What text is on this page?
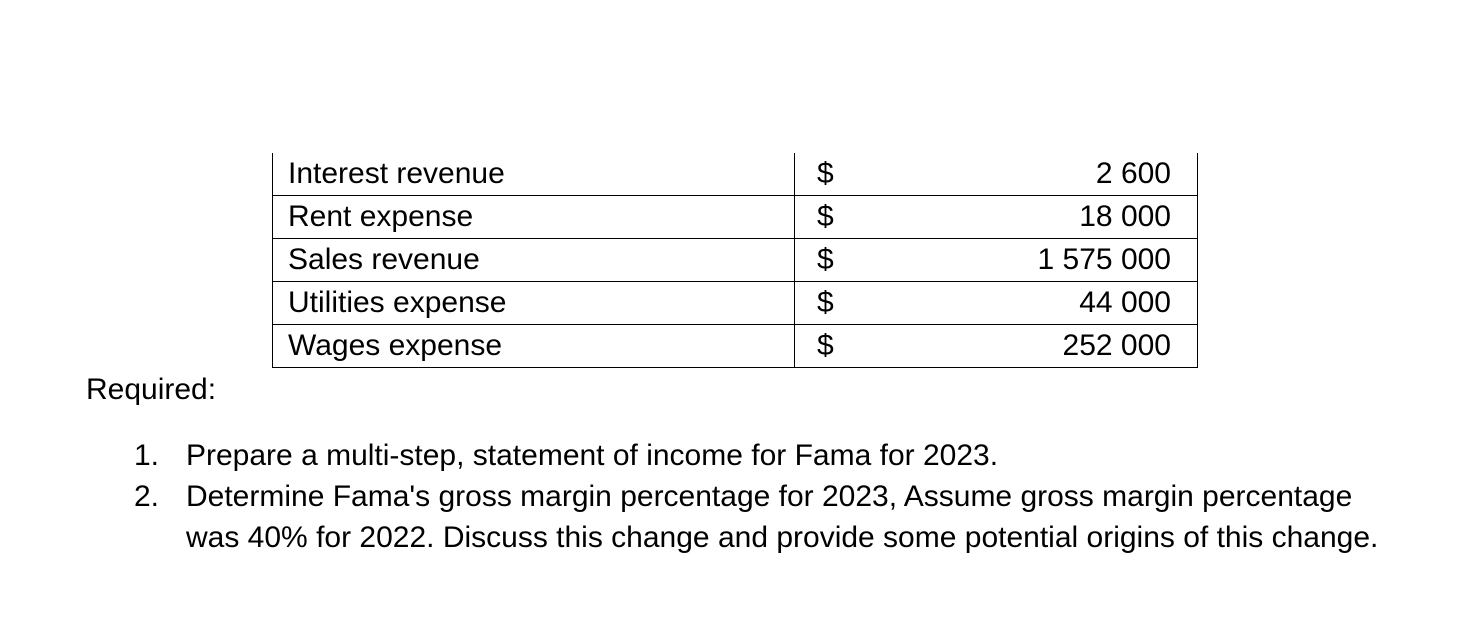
Interest revenue	$	2 600
Rent expense	$	18 000
Sales revenue	$	1 575 000
Utilities expense	$	44 000
Wages expense	$	252 000
Required:
1. Prepare a multi-step, statement of income for Fama for 2023.
2. Determine Fama's gross margin percentage for 2023, Assume gross margin percentage was 40% for 2022. Discuss this change and provide some potential origins of this change.
